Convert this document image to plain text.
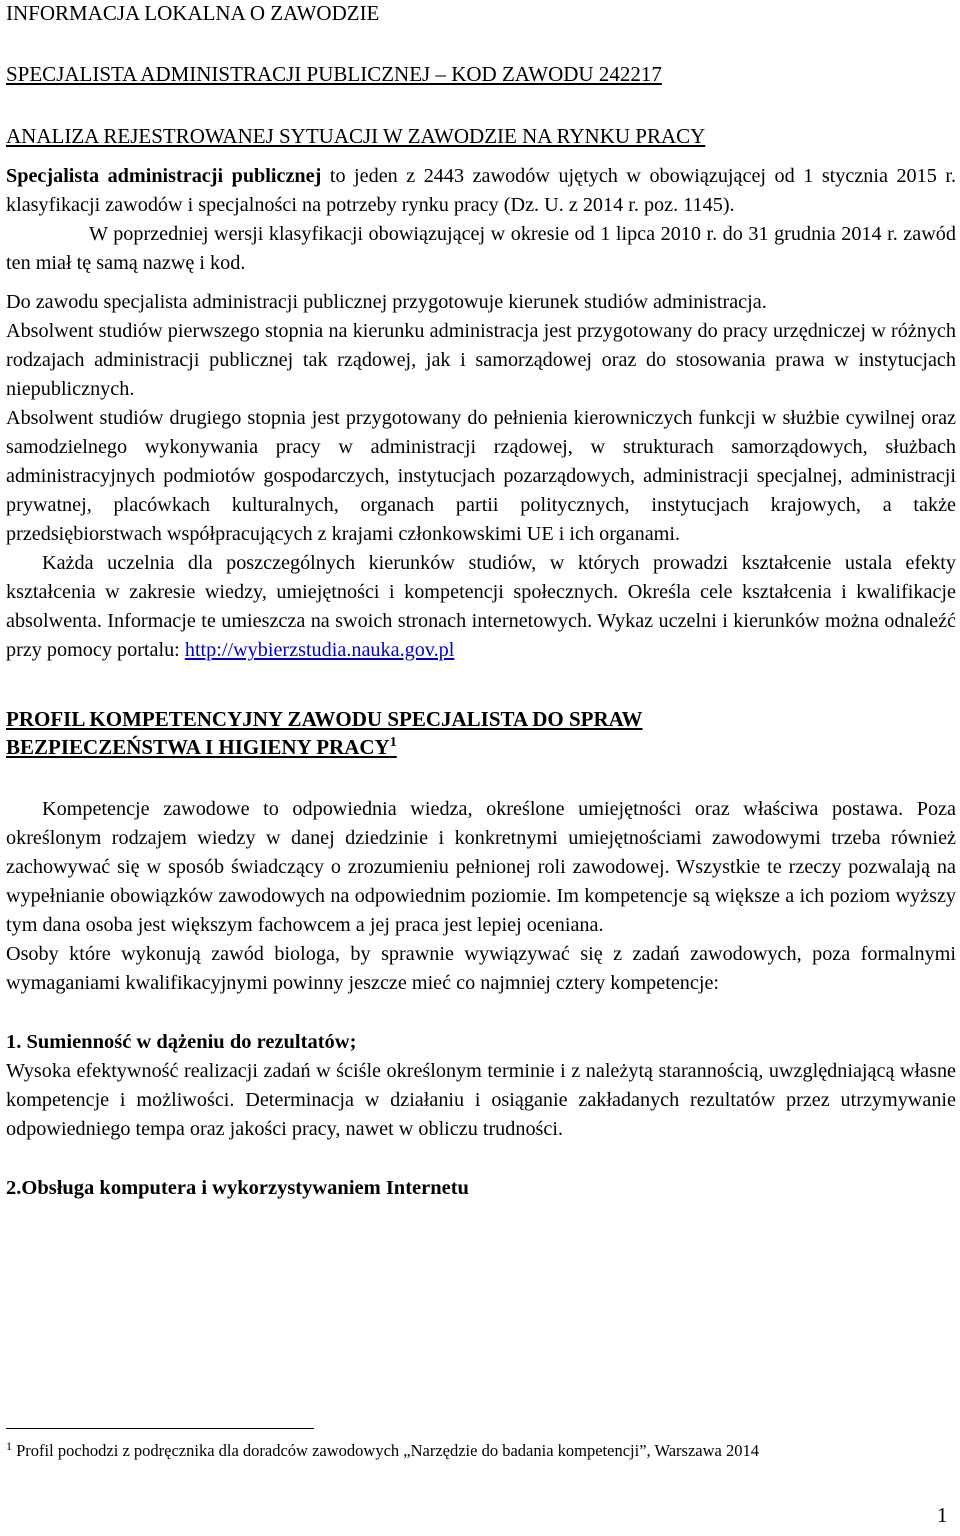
INFORMACJA LOKALNA O ZAWODZIE
SPECJALISTA ADMINISTRACJI PUBLICZNEJ – KOD ZAWODU 242217
ANALIZA REJESTROWANEJ SYTUACJI W ZAWODZIE NA RYNKU PRACY

Specjalista administracji publicznej to jeden z 2443 zawodów ujętych w obowiązującej od 1 stycznia 2015 r. klasyfikacji zawodów i specjalności na potrzeby rynku pracy (Dz. U. z 2014 r. poz. 1145).

W poprzedniej wersji klasyfikacji obowiązującej w okresie od 1 lipca 2010 r. do 31 grudnia 2014 r. zawód ten miał tę samą nazwę i kod.

Do zawodu specjalista administracji publicznej przygotowuje kierunek studiów administracja.

Absolwent studiów pierwszego stopnia na kierunku administracja jest przygotowany do pracy urzędniczej w różnych rodzajach administracji publicznej tak rządowej, jak i samorządowej oraz do stosowania prawa w instytucjach niepublicznych.

Absolwent studiów drugiego stopnia jest przygotowany do pełnienia kierowniczych funkcji w służbie cywilnej oraz samodzielnego wykonywania pracy w administracji rządowej, w strukturach samorządowych, służbach administracyjnych podmiotów gospodarczych, instytucjach pozarządowych, administracji specjalnej, administracji prywatnej, placówkach kulturalnych, organach partii politycznych, instytucjach krajowych, a także przedsiębiorstwach współpracujących z krajami członkowskimi UE i ich organami.

Każda uczelnia dla poszczególnych kierunków studiów, w których prowadzi kształcenie ustala efekty kształcenia w zakresie wiedzy, umiejętności i kompetencji społecznych. Określa cele kształcenia i kwalifikacje absolwenta. Informacje te umieszcza na swoich stronach internetowych. Wykaz uczelni i kierunków można odnaleźć przy pomocy portalu: http://wybierzstudia.nauka.gov.pl

PROFIL KOMPETENCYJNY ZAWODU SPECJALISTA DO SPRAW
BEZPIECZEŃSTWA I HIGIENY PRACY$^1$

Kompetencje zawodowe to odpowiednia wiedza, określone umiejętności oraz właściwa postawa. Poza określonym rodzajem wiedzy w danej dziedzinie i konkretnymi umiejętnościami zawodowymi trzeba również zachowywać się w sposób świadczący o zrozumieniu pełnionej roli zawodowej. Wszystkie te rzeczy pozwalają na wypełnianie obowiązków zawodowych na odpowiednim poziomie. Im kompetencje są większe a ich poziom wyższy tym dana osoba jest większym fachowcem a jej praca jest lepiej oceniana.

Osoby które wykonują zawód biologa, by sprawnie wywiązywać się z zadań zawodowych, poza formalnymi wymaganiami kwalifikacyjnymi powinny jeszcze mieć co najmniej cztery kompetencje:

1. Sumienność w dążeniu do rezultatów;

Wysoka efektywność realizacji zadań w ściśle określonym terminie i z należytą starannością, uwzględniającą własne kompetencje i możliwości. Determinacja w działaniu i osiąganie zakładanych rezultatów przez utrzymywanie odpowiedniego tempa oraz jakości pracy, nawet w obliczu trudności.

2.Obsługa komputera i wykorzystywaniem Internetu
$^1$ Profil pochodzi z podręcznika dla doradców zawodowych „Narzędzie do badania kompetencji”, Warszawa 2014
1
